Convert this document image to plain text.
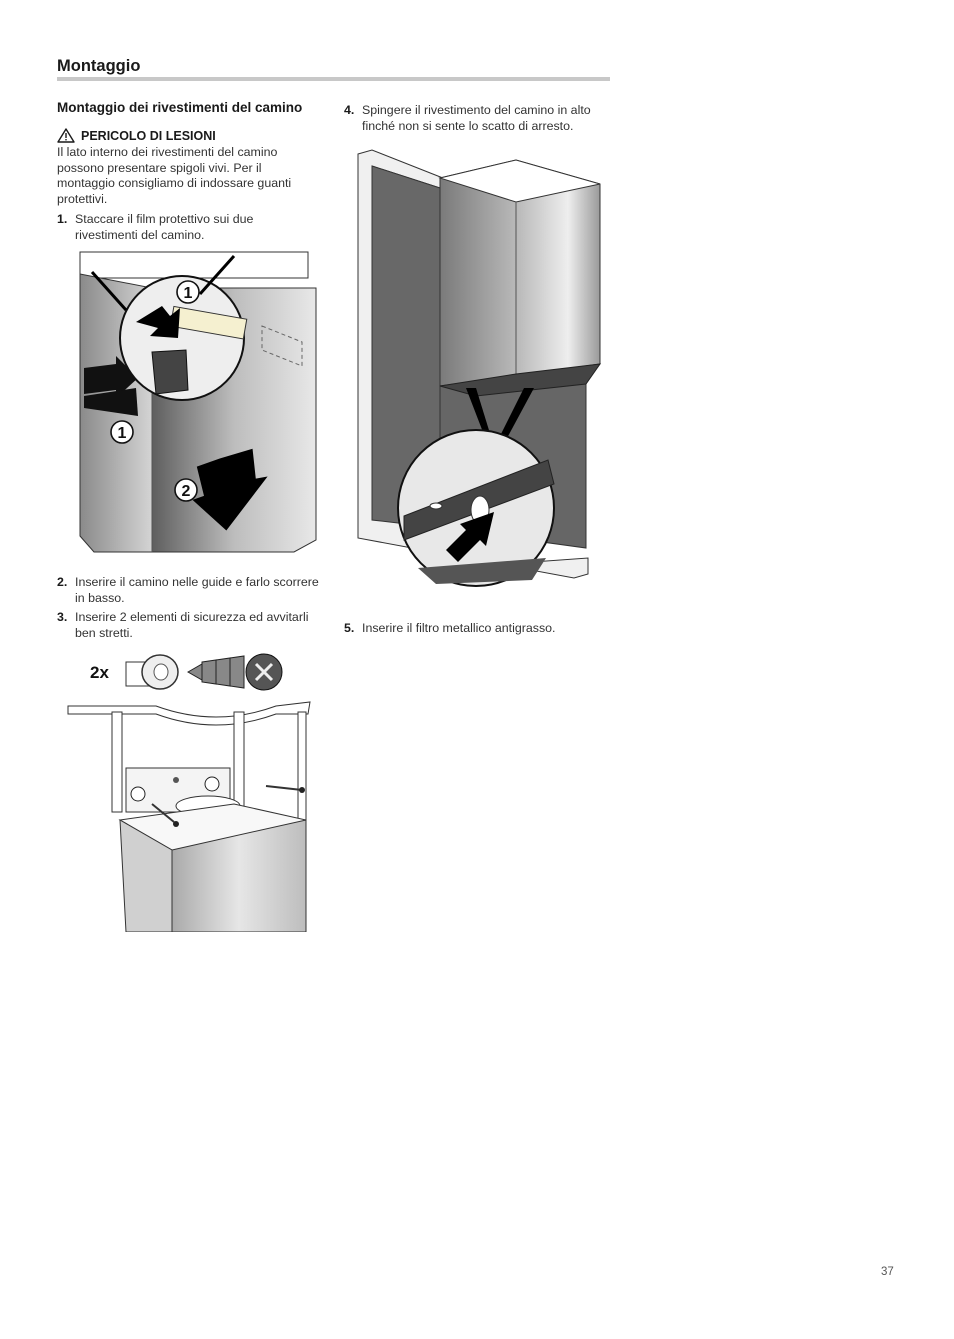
Montaggio
Montaggio dei rivestimenti del camino
PERICOLO DI LESIONI
Il lato interno dei rivestimenti del camino possono presentare spigoli vivi. Per il montaggio consigliamo di indossare guanti protettivi.
1. Staccare il film protettivo sui due
rivestimenti del camino.
1
1
2
2. Inserire il camino nelle guide e farlo scorrere
in basso.
3. Inserire 2 elementi di sicurezza ed avvitarli
ben stretti.
2x
4. Spingere il rivestimento del camino in alto
finché non si sente lo scatto di arresto.
5. Inserire il filtro metallico antigrasso.
37
